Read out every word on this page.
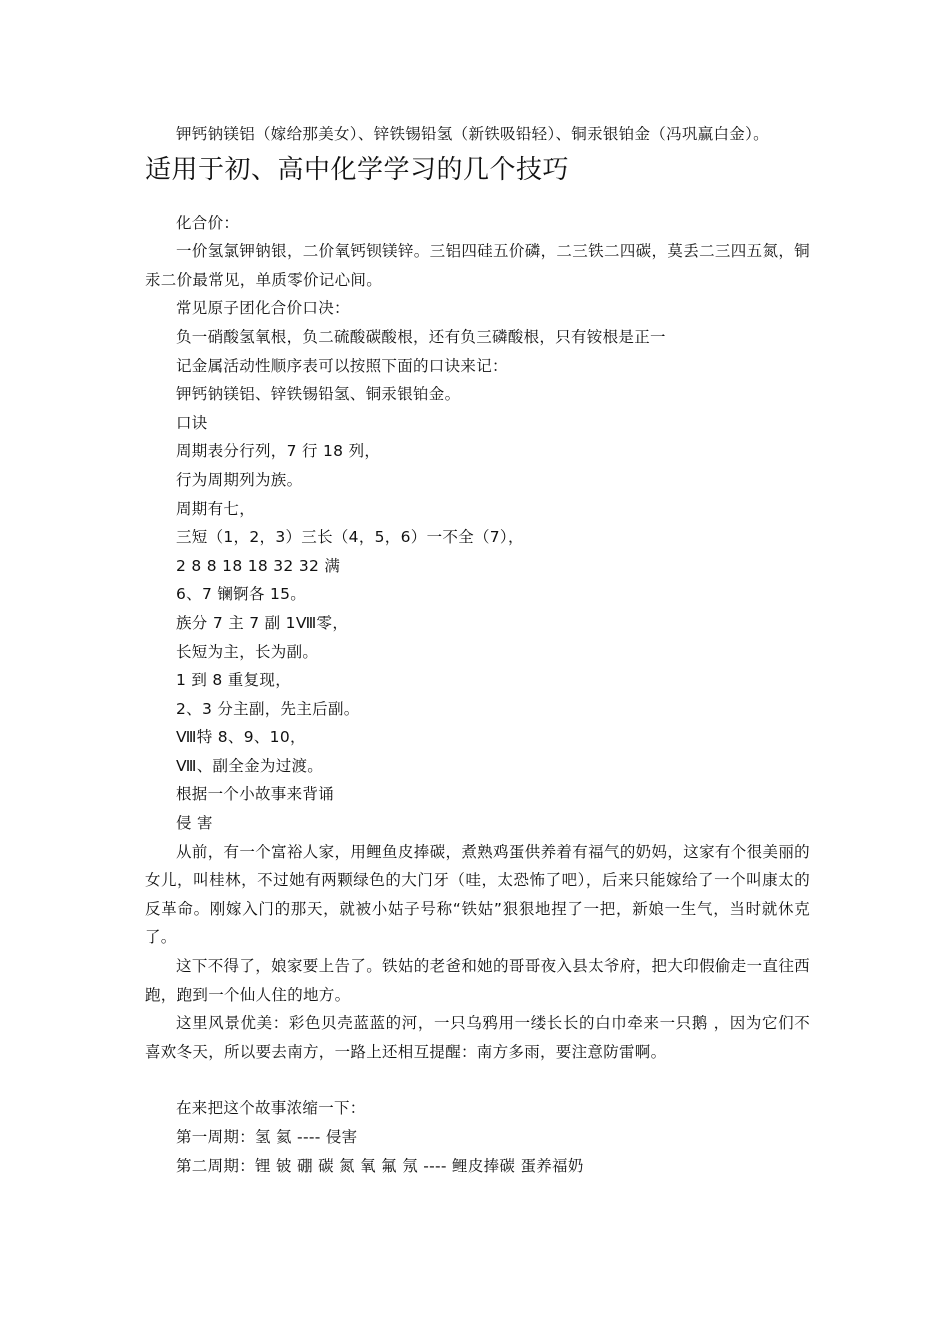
钾钙钠镁铝（嫁给那美女）、锌铁锡铅氢（新铁吸铅轻）、铜汞银铂金（冯巩赢白金）。

适用于初、高中化学学习的几个技巧

化合价：

一价氢氯钾钠银，二价氧钙钡镁锌。三铝四硅五价磷，二三铁二四碳，莫丢二三四五氮，铜汞二价最常见，单质零价记心间。

常见原子团化合价口决：

负一硝酸氢氧根，负二硫酸碳酸根，还有负三磷酸根，只有铵根是正一

记金属活动性顺序表可以按照下面的口诀来记：

钾钙钠镁铝、锌铁锡铅氢、铜汞银铂金。

口诀

周期表分行列，7 行 18 列，

行为周期列为族。

周期有七，

三短（1，2，3）三长（4，5，6）一不全（7），

2 8 8 18 18 32 32 满

6、7 镧锕各 15。

族分 7 主 7 副 1Ⅷ零，

长短为主，长为副。

1 到 8 重复现，

2、3 分主副，先主后副。

Ⅷ特 8、9、10，

Ⅷ、副全金为过渡。

根据一个小故事来背诵

侵 害

从前，有一个富裕人家，用鲤鱼皮捧碳，煮熟鸡蛋供养着有福气的奶妈，这家有个很美丽的女儿，叫桂林，不过她有两颗绿色的大门牙（哇，太恐怖了吧），后来只能嫁给了一个叫康太的反革命。刚嫁入门的那天，就被小姑子号称“铁姑”狠狠地捏了一把，新娘一生气，当时就休克了。

这下不得了，娘家要上告了。铁姑的老爸和她的哥哥夜入县太爷府，把大印假偷走一直往西跑，跑到一个仙人住的地方。

这里风景优美：彩色贝壳蓝蓝的河，一只乌鸦用一缕长长的白巾牵来一只鹅 ，因为它们不喜欢冬天，所以要去南方，一路上还相互提醒：南方多雨，要注意防雷啊。

在来把这个故事浓缩一下：

第一周期：氢 氦 ---- 侵害

第二周期：锂 铍 硼 碳 氮 氧 氟 氖 ---- 鲤皮捧碳 蛋养福奶
